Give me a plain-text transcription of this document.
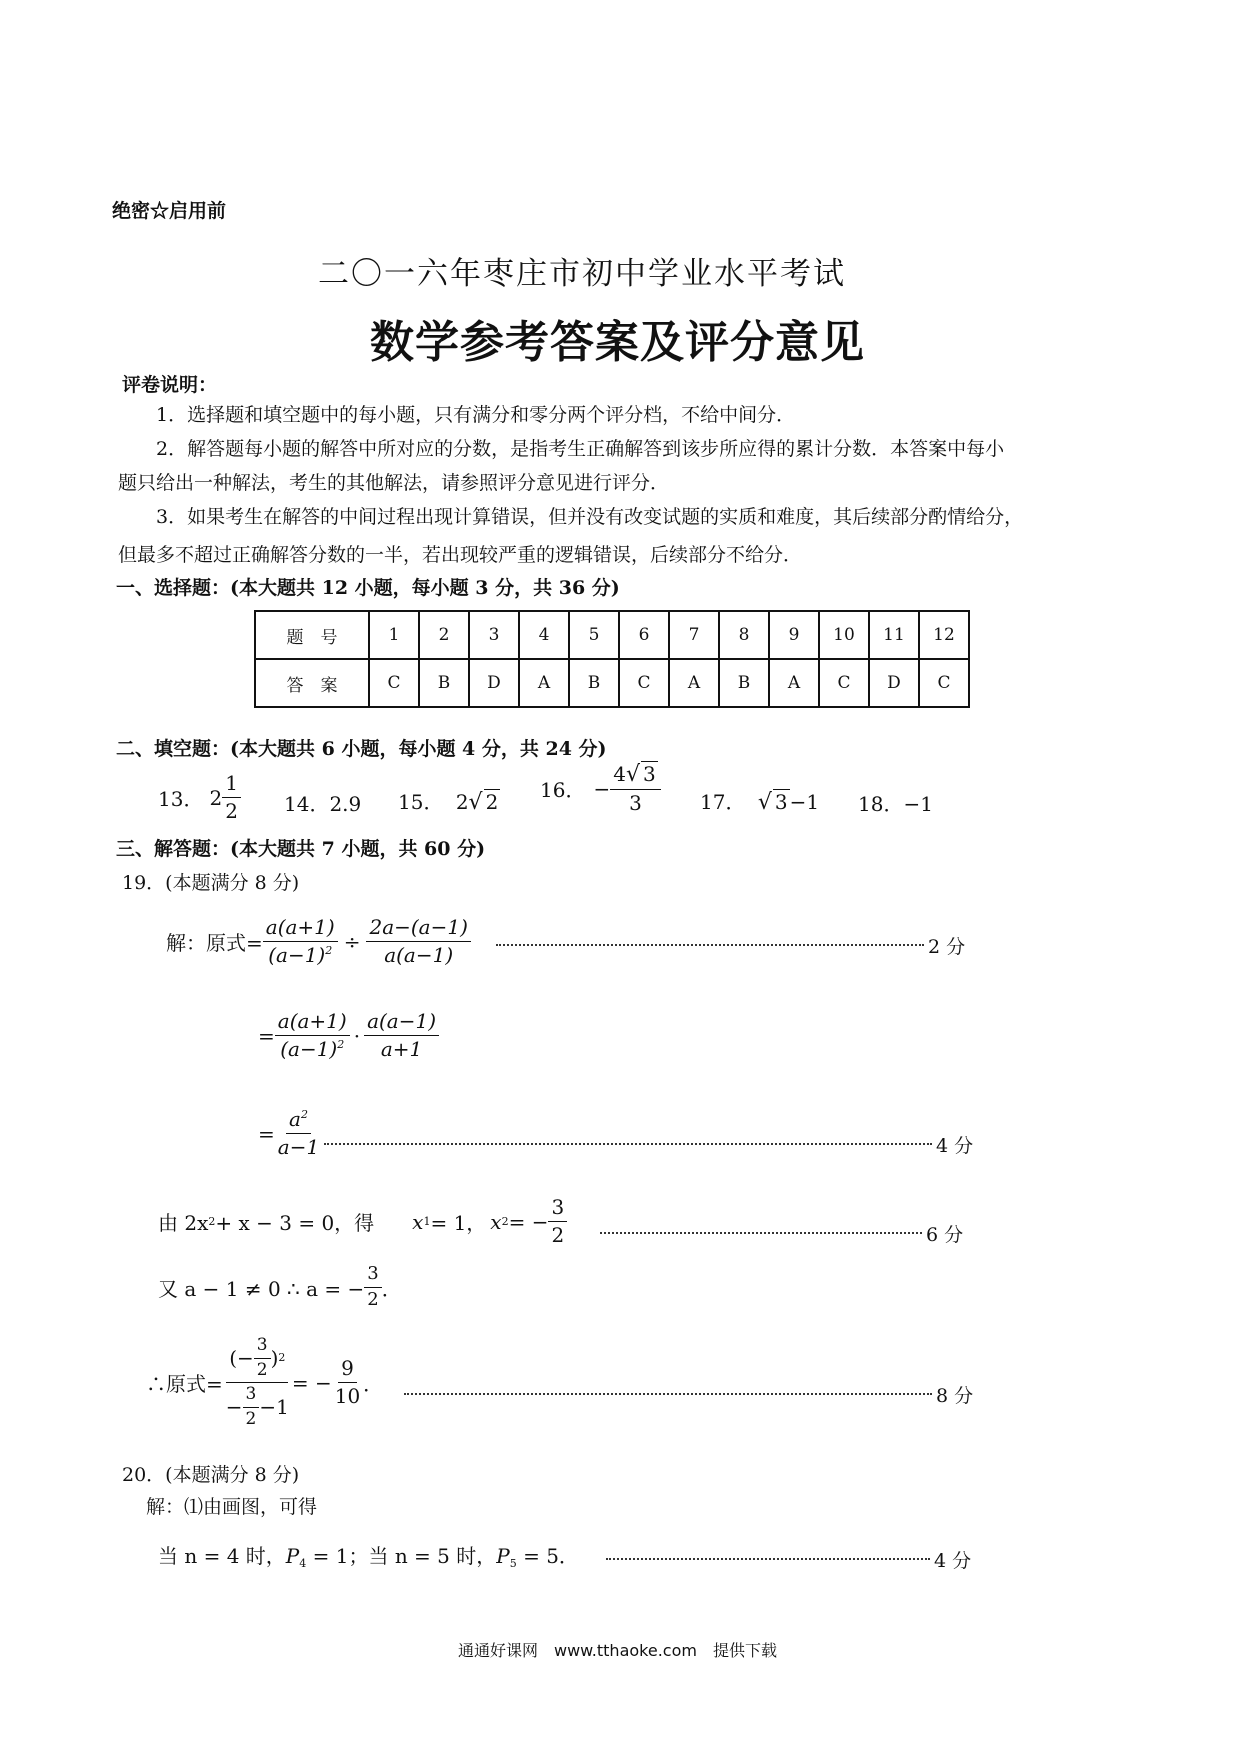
绝密☆启用前
二〇一六年枣庄市初中学业水平考试
数学参考答案及评分意见
评卷说明：
1．选择题和填空题中的每小题，只有满分和零分两个评分档，不给中间分．
2．解答题每小题的解答中所对应的分数，是指考生正确解答到该步所应得的累计分数．本答案中每小
题只给出一种解法，考生的其他解法，请参照评分意见进行评分．
3．如果考生在解答的中间过程出现计算错误，但并没有改变试题的实质和难度，其后续部分酌情给分，
但最多不超过正确解答分数的一半，若出现较严重的逻辑错误，后续部分不给分．
一、选择题：(本大题共 12 小题，每小题 3 分，共 36 分)
题　号	1	2	3	4	5	6	7	8	9	10	11	12
答　案	C	B	D	A	B	C	A	B	A	C	D	C
二、填空题：(本大题共 6 小题，每小题 4 分，共 24 分)
13． $2 \frac{1}{2} 14$．2.9 15． 2√ 2 16． − $\frac{4√ 3}{3} 17$． √ 3 −1 18．−1
三、解答题：(本大题共 7 小题，共 60 分)
19．(本题满分 8 分)
解：原式= $\frac{a(a+1)}{(a-1)^2} \div \frac{2a-(a-1)}{a(a-1)}$	2 分
= $\frac{a(a+1)}{(a-1)^2} \cdot \frac{a(a-1)}{a+1}$
= $\frac{a^2}{a-1}$	4 分
由 2x 2 + x − 3 = 0，得 x 1 = 1， x 2 = − $\frac{3}{2}$	6 分
又 a − 1 ≠ 0 ∴ a = − $\frac{3}{2}$ ．
∴原式= $\frac{(- \frac{3}{2} ) 2}{- \frac{3}{2} -1}$ = − $\frac{9}{10}$ ．	8 分
20．(本题满分 8 分)
解：⑴由画图，可得
当 n = 4 时，$P_4 = 1$；当 n = 5 时，$P_5 = 5$．	4 分
通通好课网　www.tthaoke.com　提供下载
